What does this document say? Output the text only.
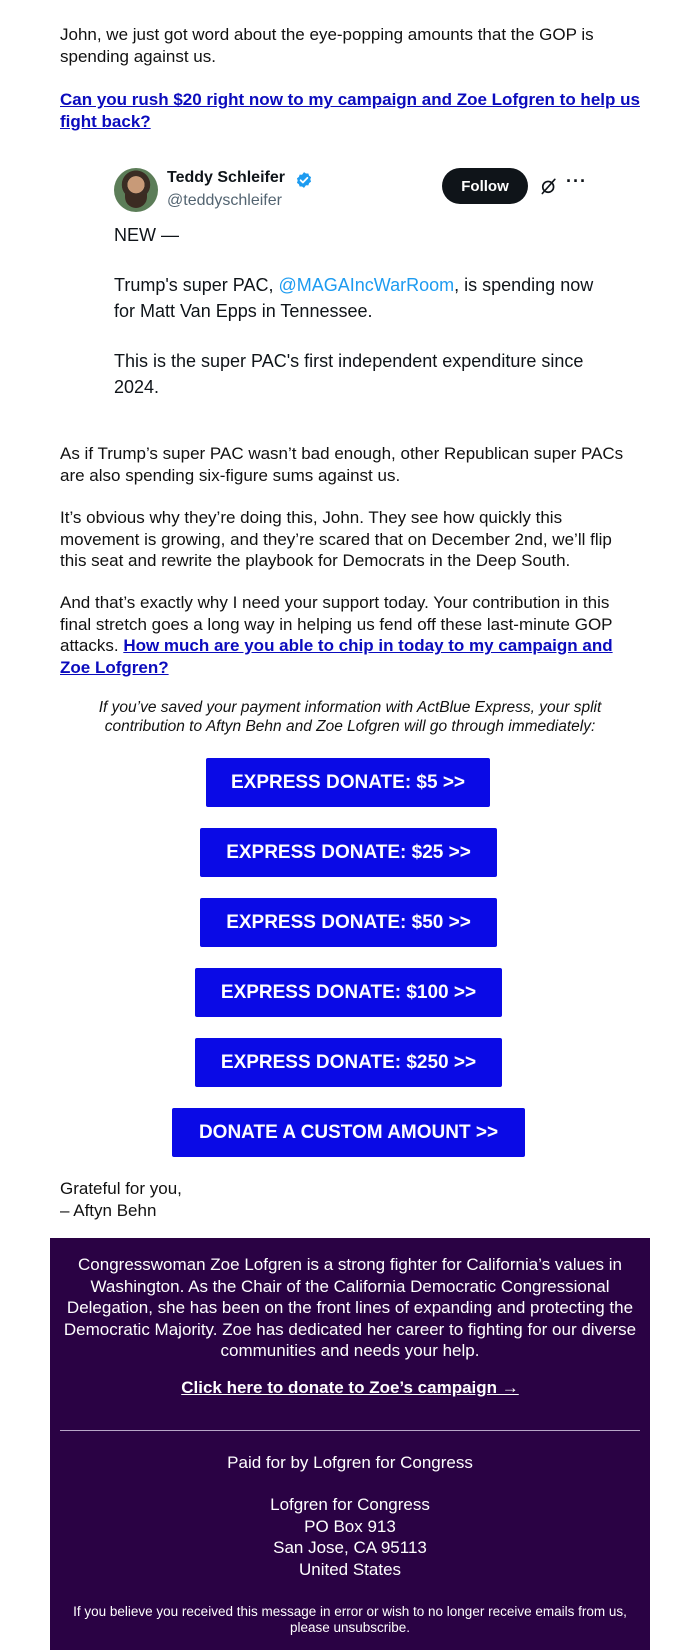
John, we just got word about the eye-popping amounts that the GOP is spending against us.

Can you rush $20 right now to my campaign and Zoe Lofgren to help us fight back?

Teddy Schleifer
@teddyschleifer
Follow	···
NEW —
Trump's super PAC, @MAGAIncWarRoom, is spending now for Matt Van Epps in Tennessee.
This is the super PAC's first independent expenditure since 2024.

As if Trump’s super PAC wasn’t bad enough, other Republican super PACs are also spending six-figure sums against us.

It’s obvious why they’re doing this, John. They see how quickly this movement is growing, and they’re scared that on December 2nd, we’ll flip this seat and rewrite the playbook for Democrats in the Deep South.

And that’s exactly why I need your support today. Your contribution in this final stretch goes a long way in helping us fend off these last-minute GOP attacks. How much are you able to chip in today to my campaign and Zoe Lofgren?

If you’ve saved your payment information with ActBlue Express, your split contribution to Aftyn Behn and Zoe Lofgren will go through immediately:
EXPRESS DONATE: $5 >>
EXPRESS DONATE: $25 >>
EXPRESS DONATE: $50 >>
EXPRESS DONATE: $100 >>
EXPRESS DONATE: $250 >>
DONATE A CUSTOM AMOUNT >>

Grateful for you,
– Aftyn Behn

Congresswoman Zoe Lofgren is a strong fighter for California’s values in Washington. As the Chair of the California Democratic Congressional Delegation, she has been on the front lines of expanding and protecting the Democratic Majority. Zoe has dedicated her career to fighting for our diverse communities and needs your help.
Click here to donate to Zoe’s campaign →
Paid for by Lofgren for Congress
Lofgren for Congress
PO Box 913
San Jose, CA 95113
United States
If you believe you received this message in error or wish to no longer receive emails from us, please unsubscribe.
